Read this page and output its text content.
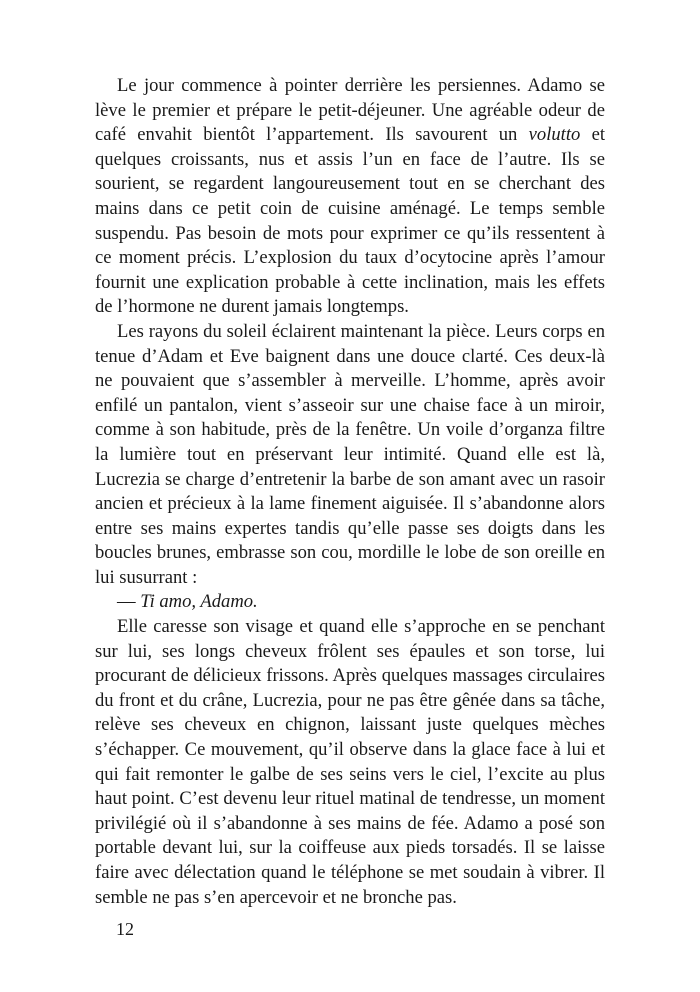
Le jour commence à pointer derrière les persiennes. Adamo se lève le premier et prépare le petit-déjeuner. Une agréable odeur de café envahit bientôt l’appartement. Ils savourent un volutto et quelques croissants, nus et assis l’un en face de l’autre. Ils se sourient, se regardent langoureusement tout en se cherchant des mains dans ce petit coin de cuisine aménagé. Le temps semble suspendu. Pas besoin de mots pour exprimer ce qu’ils ressentent à ce moment précis. L’explosion du taux d’ocytocine après l’amour fournit une explication probable à cette inclination, mais les effets de l’hormone ne durent jamais longtemps.

Les rayons du soleil éclairent maintenant la pièce. Leurs corps en tenue d’Adam et Eve baignent dans une douce clarté. Ces deux-là ne pouvaient que s’assembler à merveille. L’homme, après avoir enfilé un pantalon, vient s’asseoir sur une chaise face à un miroir, comme à son habitude, près de la fenêtre. Un voile d’organza filtre la lumière tout en préservant leur intimité. Quand elle est là, Lucrezia se charge d’entretenir la barbe de son amant avec un rasoir ancien et précieux à la lame finement aiguisée. Il s’abandonne alors entre ses mains expertes tandis qu’elle passe ses doigts dans les boucles brunes, embrasse son cou, mordille le lobe de son oreille en lui susurrant :

— Ti amo, Adamo.

Elle caresse son visage et quand elle s’approche en se penchant sur lui, ses longs cheveux frôlent ses épaules et son torse, lui procurant de délicieux frissons. Après quelques massages circulaires du front et du crâne, Lucrezia, pour ne pas être gênée dans sa tâche, relève ses cheveux en chignon, laissant juste quelques mèches s’échapper. Ce mouvement, qu’il observe dans la glace face à lui et qui fait remonter le galbe de ses seins vers le ciel, l’excite au plus haut point. C’est devenu leur rituel matinal de tendresse, un moment privilégié où il s’abandonne à ses mains de fée. Adamo a posé son portable devant lui, sur la coiffeuse aux pieds torsadés. Il se laisse faire avec délectation quand le téléphone se met soudain à vibrer. Il semble ne pas s’en apercevoir et ne bronche pas.

12
